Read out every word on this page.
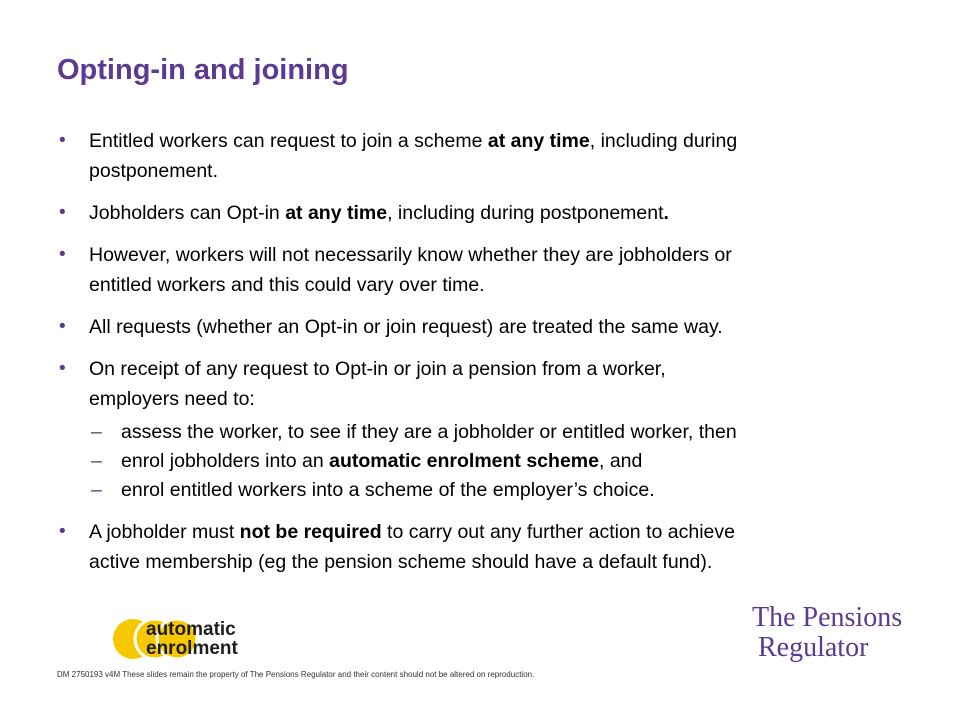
Opting-in and joining
• Entitled workers can request to join a scheme at any time, including during
postponement.
• Jobholders can Opt-in at any time, including during postponement.
• However, workers will not necessarily know whether they are jobholders or
entitled workers and this could vary over time.
• All requests (whether an Opt-in or join request) are treated the same way.
• On receipt of any request to Opt-in or join a pension from a worker,
employers need to:
– assess the worker, to see if they are a jobholder or entitled worker, then
– enrol jobholders into an automatic enrolment scheme, and
– enrol entitled workers into a scheme of the employer’s choice.
• A jobholder must not be required to carry out any further action to achieve
active membership (eg the pension scheme should have a default fund).
automatic
enrolment
The Pensions
Regulator
DM 2750193 v4M These slides remain the property of The Pensions Regulator and their content should not be altered on reproduction.
